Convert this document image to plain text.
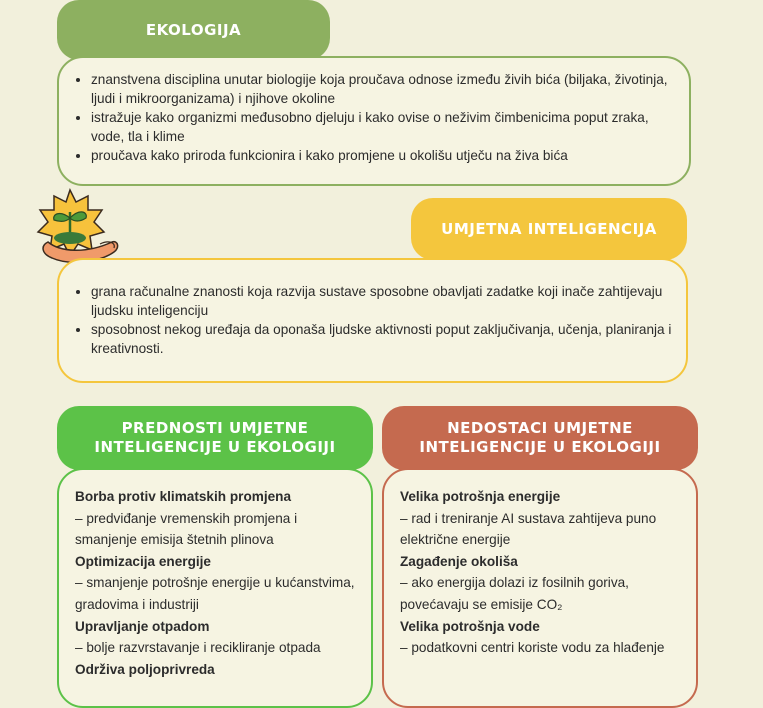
EKOLOGIJA
• znanstvena disciplina unutar biologije koja proučava odnose između živih bića (biljaka, životinja, ljudi i mikroorganizama) i njihove okoline
• istražuje kako organizmi međusobno djeluju i kako ovise o neživim čimbenicima poput zraka, vode, tla i klime
• proučava kako priroda funkcionira i kako promjene u okolišu utječu na živa bića
UMJETNA INTELIGENCIJA
• grana računalne znanosti koja razvija sustave sposobne obavljati zadatke koji inače zahtijevaju ljudsku inteligenciju
• sposobnost nekog uređaja da oponaša ljudske aktivnosti poput zaključivanja, učenja, planiranja i kreativnosti.
PREDNOSTI UMJETNE INTELIGENCIJE U EKOLOGIJI
Borba protiv klimatskih promjena
– predviđanje vremenskih promjena i smanjenje emisija štetnih plinova
Optimizacija energije
– smanjenje potrošnje energije u kućanstvima, gradovima i industriji
Upravljanje otpadom
– bolje razvrstavanje i recikliranje otpada
Održiva poljoprivreda
NEDOSTACI UMJETNE INTELIGENCIJE U EKOLOGIJI
Velika potrošnja energije
– rad i treniranje AI sustava zahtijeva puno električne energije
Zagađenje okoliša
– ako energija dolazi iz fosilnih goriva, povećavaju se emisije CO₂
Velika potrošnja vode
– podatkovni centri koriste vodu za hlađenje
